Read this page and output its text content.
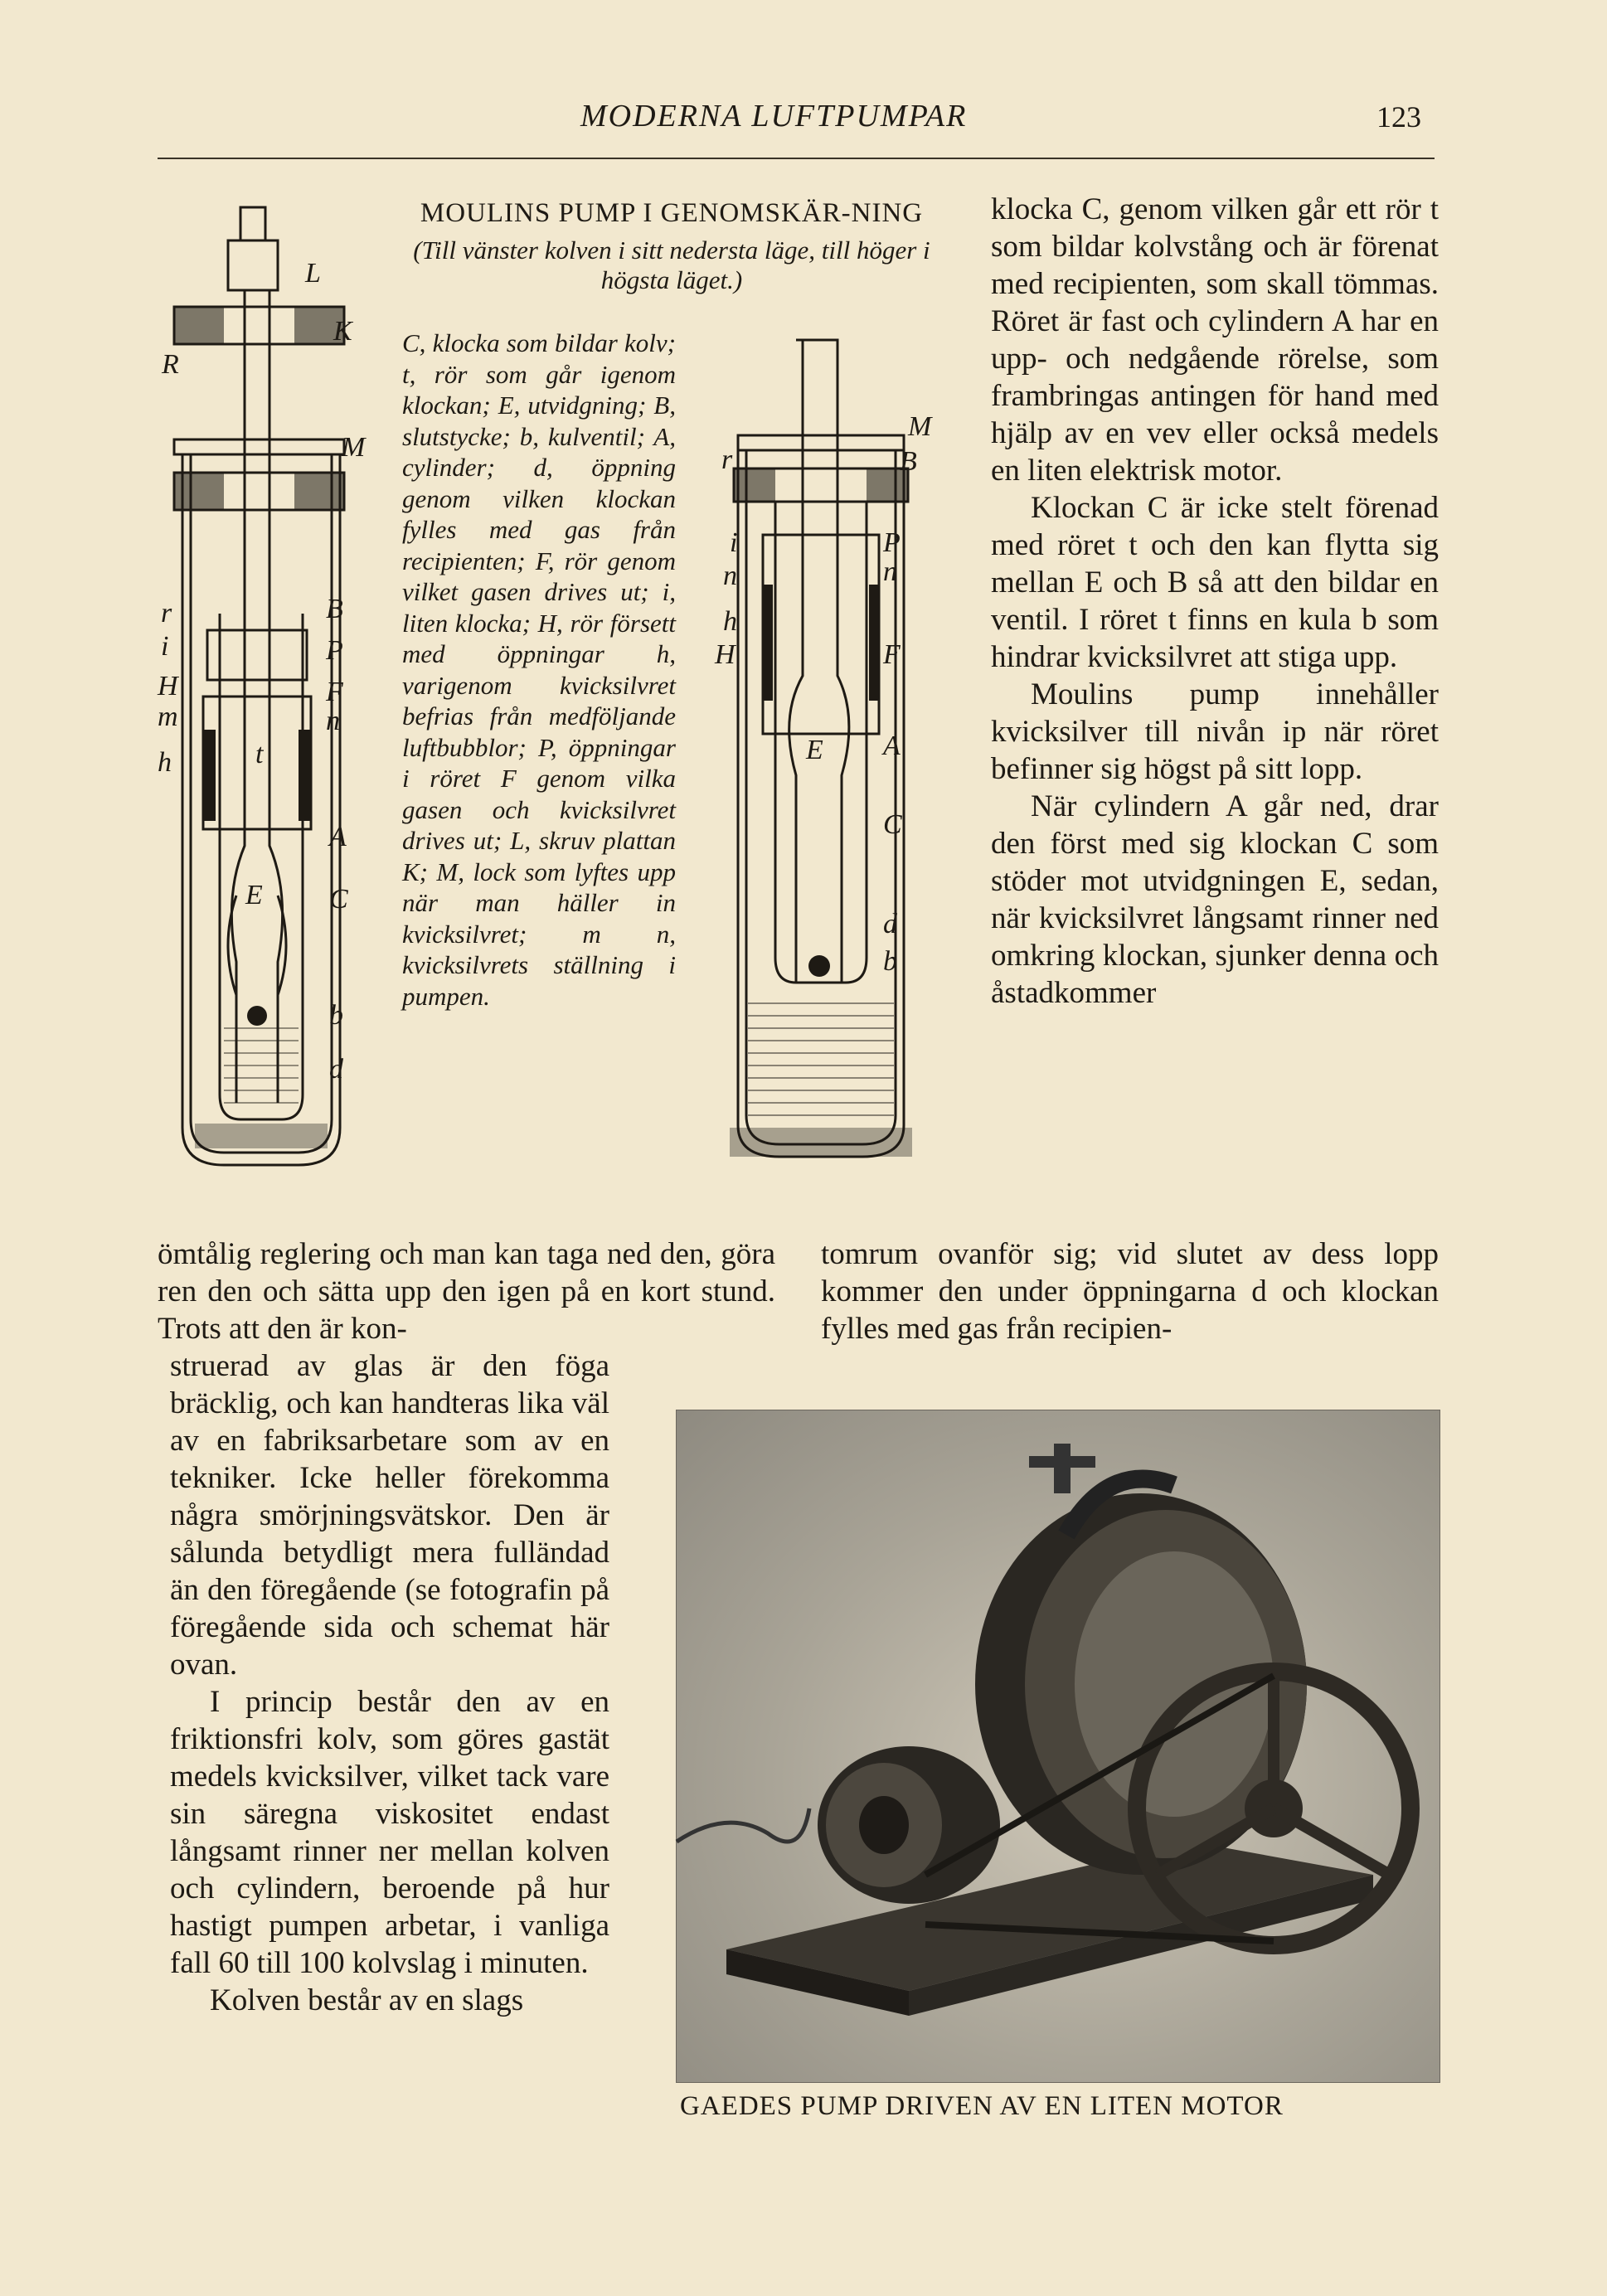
MODERNA LUFTPUMPAR	123
L
K
R
M
B
P
F
n
r
i
H
m
h	t
A
E C
b
d
MOULINS PUMP I GENOMSKÄR-NING
(Till vänster kolven i sitt nedersta läge, till höger i högsta läget.)
C, klocka som bildar kolv; t, rör som går igenom klockan; E, utvidgning; B, slutstycke; b, kulventil; A, cylinder; d, öppning genom vilken klockan fylles med gas från recipienten; F, rör genom vilket gasen drives ut; i, liten klocka; H, rör försett med öppningar h, varigenom kvicksilvret befrias från medföljande luftbubblor; P, öppningar i röret F genom vilka gasen och kvicksilvret drives ut; L, skruv plattan K; M, lock som lyftes upp när man häller in kvicksilvret; m n, kvicksilvrets ställning i pumpen.
M
B
r
P
n
i
n
h
H	F
E A
C
d
b

klocka C, genom vilken går ett rör t som bildar kolvstång och är förenat med recipienten, som skall tömmas. Röret är fast och cylindern A har en upp- och nedgående rörelse, som frambringas antingen för hand med hjälp av en vev eller också medels en liten elektrisk motor.

Klockan C är icke stelt förenad med röret t och den kan flytta sig mellan E och B så att den bildar en ventil. I röret t finns en kula b som hindrar kvicksilvret att stiga upp.

Moulins pump innehåller kvicksilver till nivån ip när röret befinner sig högst på sitt lopp.

När cylindern A går ned, drar den först med sig klockan C som stöder mot utvidgningen E, sedan, när kvicksilvret långsamt rinner ned omkring klockan, sjunker denna och åstadkommer

ömtålig reglering och man kan taga ned den, göra ren den och sätta upp den igen på en kort stund. Trots att den är kon-
tomrum ovanför sig; vid slutet av dess lopp kommer den under öppningarna d och klockan fylles med gas från recipien-

struerad av glas är den föga bräcklig, och kan handteras lika väl av en fabriksarbetare som av en tekniker. Icke heller förekomma några smörjningsvätskor. Den är sålunda betydligt mera fulländad än den föregående (se fotografin på föregående sida och schemat här ovan.

I princip består den av en friktionsfri kolv, som göres gastät medels kvicksilver, vilket tack vare sin säregna viskositet endast långsamt rinner ner mellan kolven och cylindern, beroende på hur hastigt pumpen arbetar, i vanliga fall 60 till 100 kolvslag i minuten.

Kolven består av en slags

GAEDES PUMP DRIVEN AV EN LITEN MOTOR
